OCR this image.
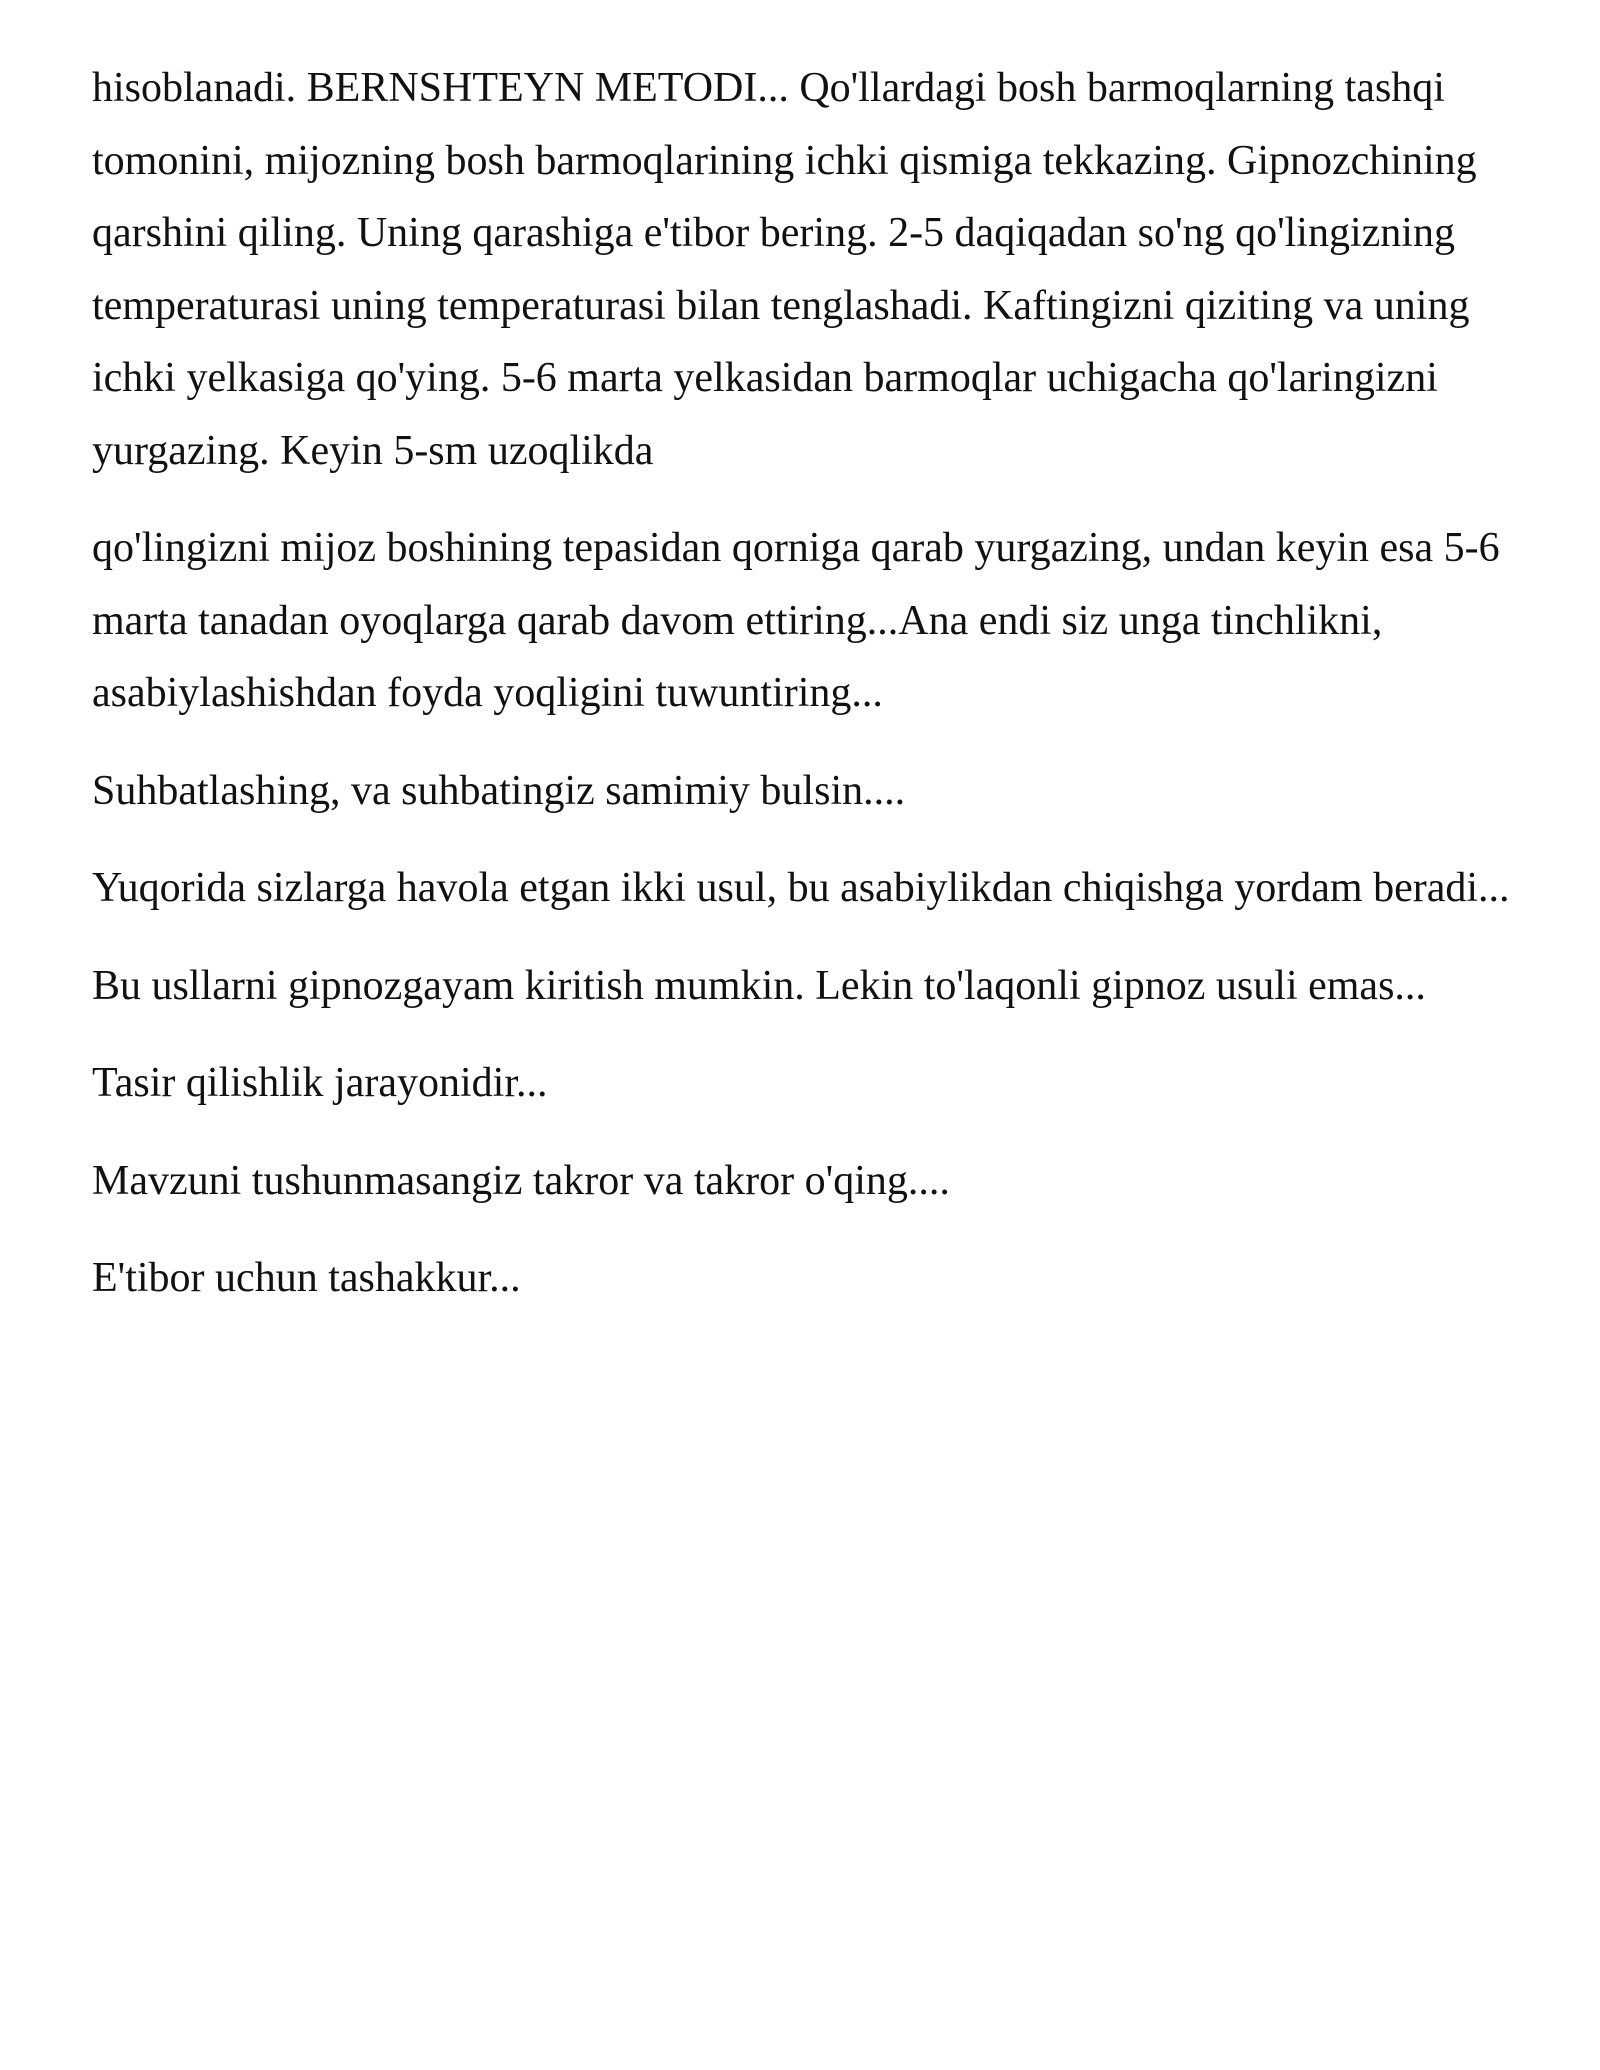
hisoblanadi. BERNSHTEYN METODI... Qo'llardagi bosh barmoqlarning tashqi
tomonini, mijozning bosh barmoqlarining ichki qismiga tekkazing. Gipnozchining
qarshini qiling. Uning qarashiga e'tibor bering. 2-5 daqiqadan so'ng qo'lingizning
temperaturasi uning temperaturasi bilan tenglashadi. Kaftingizni qiziting va uning
ichki yelkasiga qo'ying. 5-6 marta yelkasidan barmoqlar uchigacha qo'laringizni
yurgazing. Keyin 5-sm uzoqlikda

qo'lingizni mijoz boshining tepasidan qorniga qarab yurgazing, undan keyin esa 5-6
marta tanadan oyoqlarga qarab davom ettiring...Ana endi siz unga tinchlikni,
asabiylashishdan foyda yoqligini tuwuntiring...

Suhbatlashing, va suhbatingiz samimiy bulsin....

Yuqorida sizlarga havola etgan ikki usul, bu asabiylikdan chiqishga yordam beradi...

Bu usllarni gipnozgayam kiritish mumkin. Lekin to'laqonli gipnoz usuli emas...

Tasir qilishlik jarayonidir...

Mavzuni tushunmasangiz takror va takror o'qing....

E'tibor uchun tashakkur...
